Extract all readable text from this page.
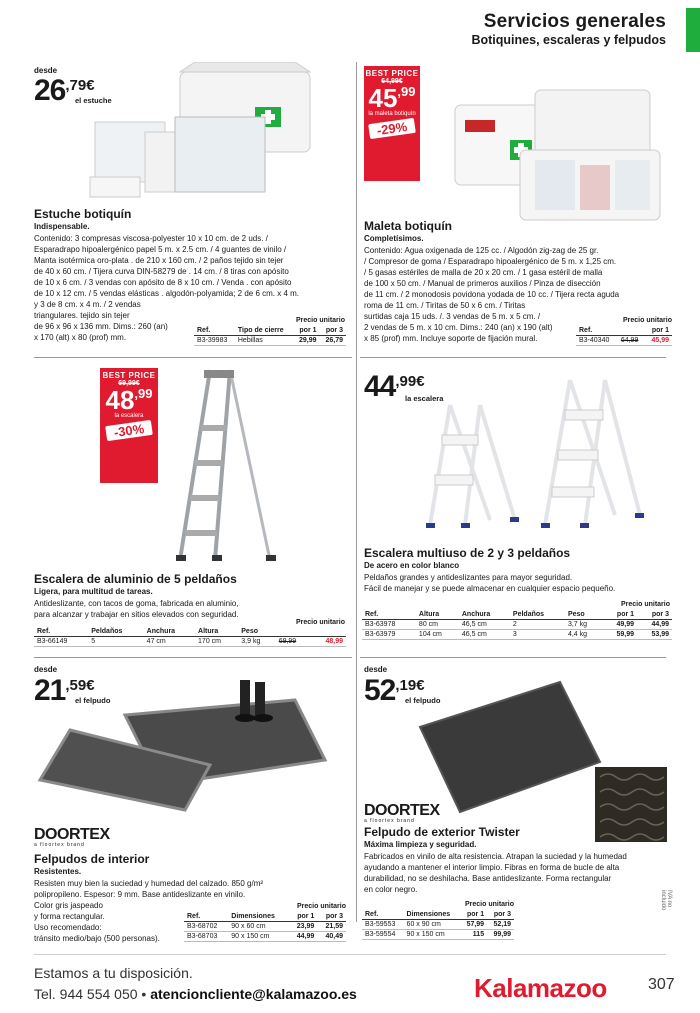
Servicios generales
Botiquines, escaleras y felpudos
desde
26,79€
el estuche
Estuche botiquín
Indispensable.
Contenido: 3 compresas viscosa-polyester 10 x 10 cm. de 2 uds. /
Esparadrapo hipoalergénico papel 5 m. x 2.5 cm. / 4 guantes de vinilo /
Manta isotérmica oro-plata . de 210 x 160 cm. / 2 paños tejido sin tejer
de 40 x 60 cm. / Tijera curva DIN-58279 de . 14 cm. / 8 tiras con apósito
de 10 x 6 cm. / 3 vendas con apósito de 8 x 10 cm. / Venda . con apósito
de 10 x 12 cm. / 5 vendas elásticas . algodón-polyamida; 2 de 6 cm. x 4 m.
y 3 de 8 cm. x 4 m. / 2 vendas
triangulares. tejido sin tejer
de 96 x 96 x 136 mm. Dims.: 260 (an)
x 170 (alt) x 80 (prof) mm.
Precio unitario
Ref.	Tipo de cierre	por 1	por 3
B3-39983	Hebillas	29,99	26,79
BEST PRICE
64,99€
$45^{,99}$
la maleta botiquín
-29%
Maleta botiquín
Completísimos.
Contenido: Agua oxigenada de 125 cc. / Algodón zig-zag de 25 gr.
/ Compresor de goma / Esparadrapo hipoalergénico de 5 m. x 1,25 cm.
/ 5 gasas estériles de malla de 20 x 20 cm. / 1 gasa estéril de malla
de 100 x 50 cm. / Manual de primeros auxilios / Pinza de disección
de 11 cm. / 2 monodosis povidona yodada de 10 cc. / Tijera recta aguda
roma de 11 cm. / Tiritas de 50 x 6 cm. / Tiritas
surtidas caja 15 uds. /. 3 vendas de 5 m. x 5 cm. /
2 vendas de 5 m. x 10 cm. Dims.: 240 (an) x 190 (alt)
x 85 (prof) mm. Incluye soporte de fijación mural.
Precio unitario
Ref.		por 1
B3-40340	64,99	45,99
BEST PRICE
69,99€
$48^{,99}$
la escalera
-30%
Escalera de aluminio de 5 peldaños
Ligera, para multitud de tareas.
Antideslizante, con tacos de goma, fabricada en aluminio,
para alcanzar y trabajar en sitios elevados con seguridad.
Precio unitario
Ref.	Peldaños	Anchura	Altura	Peso		
B3-66149	5	47 cm	170 cm	3,9 kg	69,99	48,99
44,99€
la escalera
Escalera multiuso de 2 y 3 peldaños
De acero en color blanco
Peldaños grandes y antideslizantes para mayor seguridad.
Fácil de manejar y se puede almacenar en cualquier espacio pequeño.
Precio unitario
Ref.	Altura	Anchura	Peldaños	Peso	por 1	por 3
B3-63978	80 cm	46,5 cm	2	3,7 kg	49,99	44,99
B3-63979	104 cm	46,5 cm	3	4,4 kg	59,99	53,99
desde
21,59€
el felpudo
DOORTEX
a floortex brand
Felpudos de interior
Resistentes.
Resisten muy bien la suciedad y humedad del calzado. 850 g/m²
polipropileno. Espesor: 9 mm. Base antideslizante en vinilo.
Color gris jaspeado
y forma rectangular.
Uso recomendado:
tránsito medio/bajo (500 personas).
Precio unitario
Ref.	Dimensiones	por 1	por 3
B3-68702	90 x 60 cm	23,99	21,59
B3-68703	90 x 150 cm	44,99	40,49
desde
52,19€
el felpudo
DOORTEX
a floortex brand
Felpudo de exterior Twister
Máxima limpieza y seguridad.
Fabricados en vinilo de alta resistencia. Atrapan la suciedad y la humedad
ayudando a mantener el interior limpio. Fibras en forma de bucle de alta
durabilidad, no se deshilacha. Base antideslizante. Forma rectangular
en color negro.
Precio unitario
Ref.	Dimensiones	por 1	por 3
B3-59553	60 x 90 cm	57,99	52,19
B3-59554	90 x 150 cm	115	99,99
IVA no incluido
Estamos a tu disposición.
Tel. 944 554 050 • atencioncliente@kalamazoo.es	Kalamazoo	307
